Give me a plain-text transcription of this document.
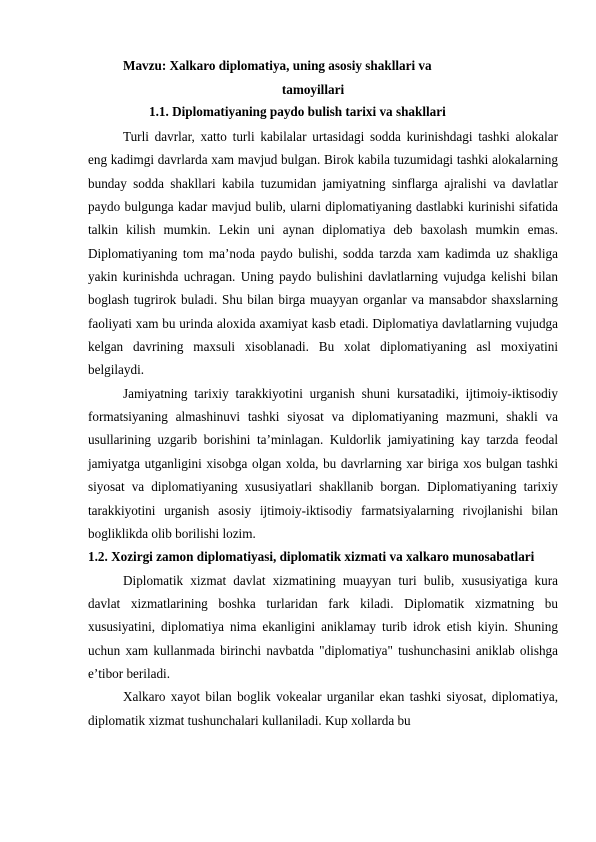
Mavzu: Xalkaro diplomatiya, uning asosiy shakllari va
tamoyillari
1.1. Diplomatiyaning paydo bulish tarixi va shakllari

Turli davrlar, xatto turli kabilalar urtasidagi sodda kurinishdagi tashki alokalar eng kadimgi davrlarda xam mavjud bulgan. Birok kabila tuzumidagi tashki alokalarning bunday sodda shakllari kabila tuzumidan jamiyatning sinflarga ajralishi va davlatlar paydo bulgunga kadar mavjud bulib, ularni diplomatiyaning dastlabki kurinishi sifatida talkin kilish mumkin. Lekin uni aynan diplomatiya deb baxolash mumkin emas. Diplomatiyaning tom maʼnoda paydo bulishi, sodda tarzda xam kadimda uz shakliga yakin kurinishda uchragan. Uning paydo bulishini davlatlarning vujudga kelishi bilan boglash tugrirok buladi. Shu bilan birga muayyan organlar va mansabdor shaxslarning faoliyati xam bu urinda aloxida axamiyat kasb etadi. Diplomatiya davlatlarning vujudga kelgan davrining maxsuli xisoblanadi. Bu xolat diplomatiyaning asl moxiyatini belgilaydi.

Jamiyatning tarixiy tarakkiyotini urganish shuni kursatadiki, ijtimoiy-iktisodiy formatsiyaning almashinuvi tashki siyosat va diplomatiyaning mazmuni, shakli va usullarining uzgarib borishini taʼminlagan. Kuldorlik jamiyatining kay tarzda feodal jamiyatga utganligini xisobga olgan xolda, bu davrlarning xar biriga xos bulgan tashki siyosat va diplomatiyaning xususiyatlari shakllanib borgan. Diplomatiyaning tarixiy tarakkiyotini urganish asosiy ijtimoiy-iktisodiy farmatsiyalarning rivojlanishi bilan bogliklikda olib borilishi lozim.

1.2. Xozirgi zamon diplomatiyasi, diplomatik xizmati va xalkaro munosabatlari

Diplomatik xizmat davlat xizmatining muayyan turi bulib, xususiyatiga kura davlat xizmatlarining boshka turlaridan fark kiladi. Diplomatik xizmatning bu xususiyatini, diplomatiya nima ekanligini aniklamay turib idrok etish kiyin. Shuning uchun xam kullanmada birinchi navbatda "diplomatiya" tushunchasini aniklab olishga eʼtibor beriladi.

Xalkaro xayot bilan boglik vokealar urganilar ekan tashki siyosat, diplomatiya, diplomatik xizmat tushunchalari kullaniladi. Kup xollarda bu
